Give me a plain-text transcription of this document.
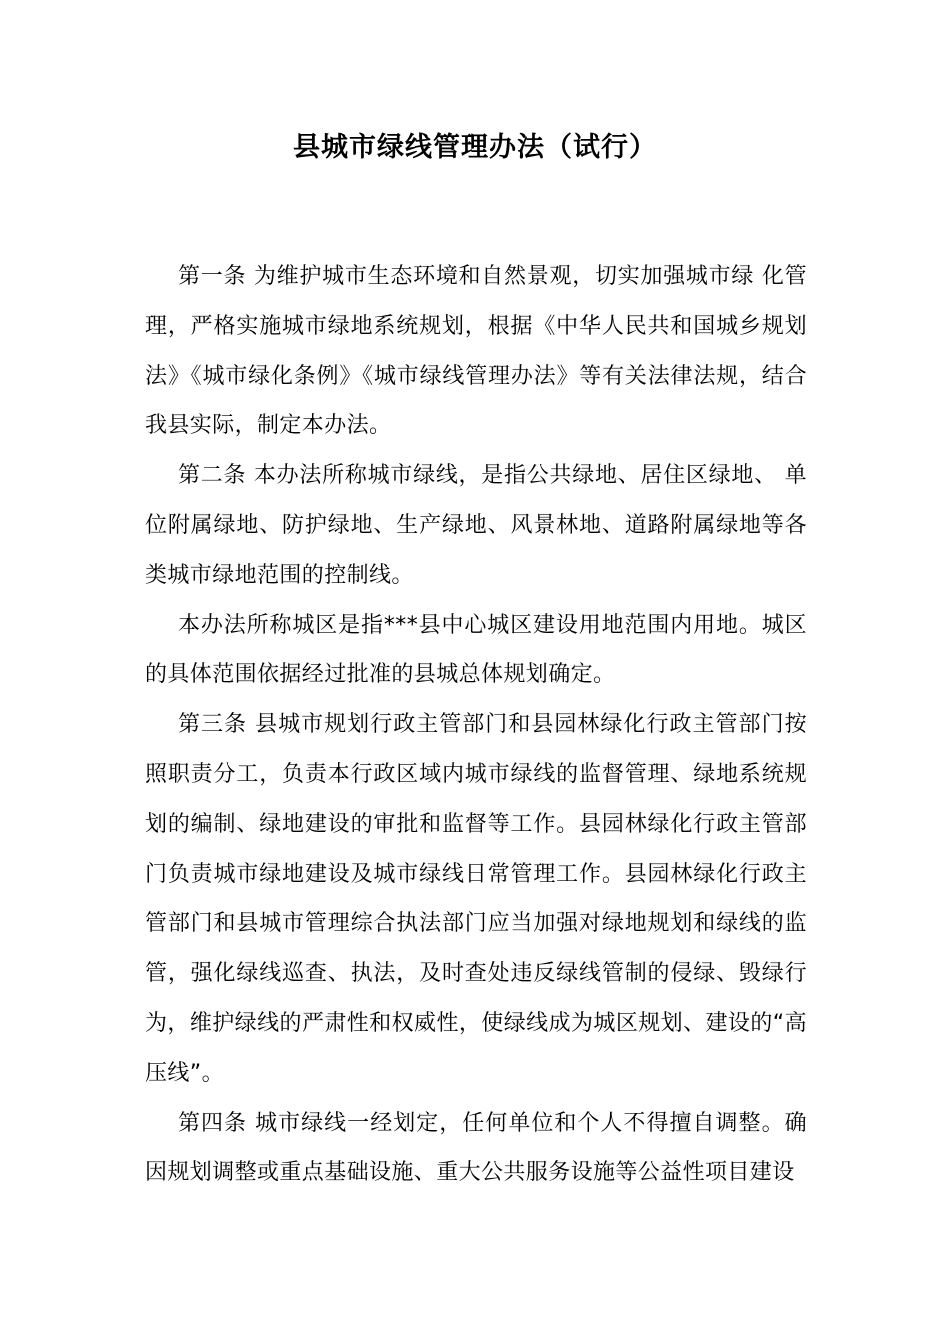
县城市绿线管理办法（试行）

第一条 为维护城市生态环境和自然景观，切实加强城市绿 化管理，严格实施城市绿地系统规划，根据《中华人民共和国城乡规划法》《城市绿化条例》《城市绿线管理办法》等有关法律法规，结合我县实际，制定本办法。

第二条 本办法所称城市绿线，是指公共绿地、居住区绿地、 单位附属绿地、防护绿地、生产绿地、风景林地、道路附属绿地等各类城市绿地范围的控制线。

本办法所称城区是指***县中心城区建设用地范围内用地。城区的具体范围依据经过批准的县城总体规划确定。

第三条 县城市规划行政主管部门和县园林绿化行政主管部门按照职责分工，负责本行政区域内城市绿线的监督管理、绿地系统规划的编制、绿地建设的审批和监督等工作。县园林绿化行政主管部门负责城市绿地建设及城市绿线日常管理工作。县园林绿化行政主管部门和县城市管理综合执法部门应当加强对绿地规划和绿线的监管，强化绿线巡查、执法，及时查处违反绿线管制的侵绿、毁绿行为，维护绿线的严肃性和权威性，使绿线成为城区规划、建设的“高压线”。

第四条 城市绿线一经划定，任何单位和个人不得擅自调整。确因规划调整或重点基础设施、重大公共服务设施等公益性项目建设
